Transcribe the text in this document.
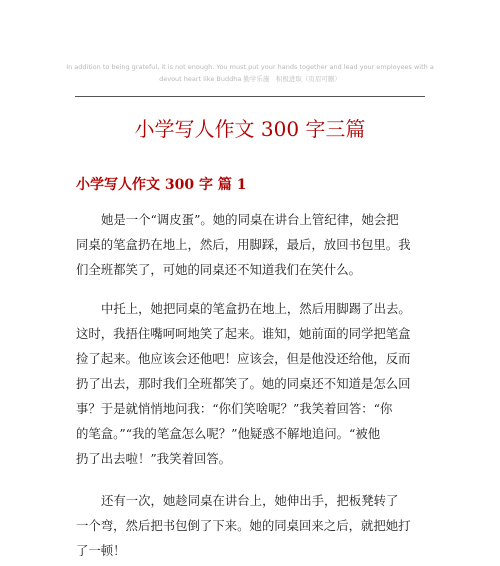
In addition to being grateful, it is not enough. You must put your hands together and lead your employees with a
devout heart like Buddha 勤学乐施　积极进取（页眉可删）
小学写人作文 300 字三篇
小学写人作文 300 字 篇 1
她是一个“调皮蛋”。她的同桌在讲台上管纪律，她会把
同桌的笔盒扔在地上，然后，用脚踩，最后，放回书包里。我
们全班都笑了，可她的同桌还不知道我们在笑什么。
中托上，她把同桌的笔盒扔在地上，然后用脚踢了出去。
这时，我捂住嘴呵呵地笑了起来。谁知，她前面的同学把笔盒
捡了起来。他应该会还他吧！应该会，但是他没还给他，反而
扔了出去，那时我们全班都笑了。她的同桌还不知道是怎么回
事？于是就悄悄地问我：“你们笑啥呢？”我笑着回答：“你
的笔盒。”“我的笔盒怎么呢？”他疑惑不解地追问。“被他
扔了出去啦！”我笑着回答。
还有一次，她趁同桌在讲台上，她伸出手，把板凳转了
一个弯，然后把书包倒了下来。她的同桌回来之后，就把她打
了一顿！
